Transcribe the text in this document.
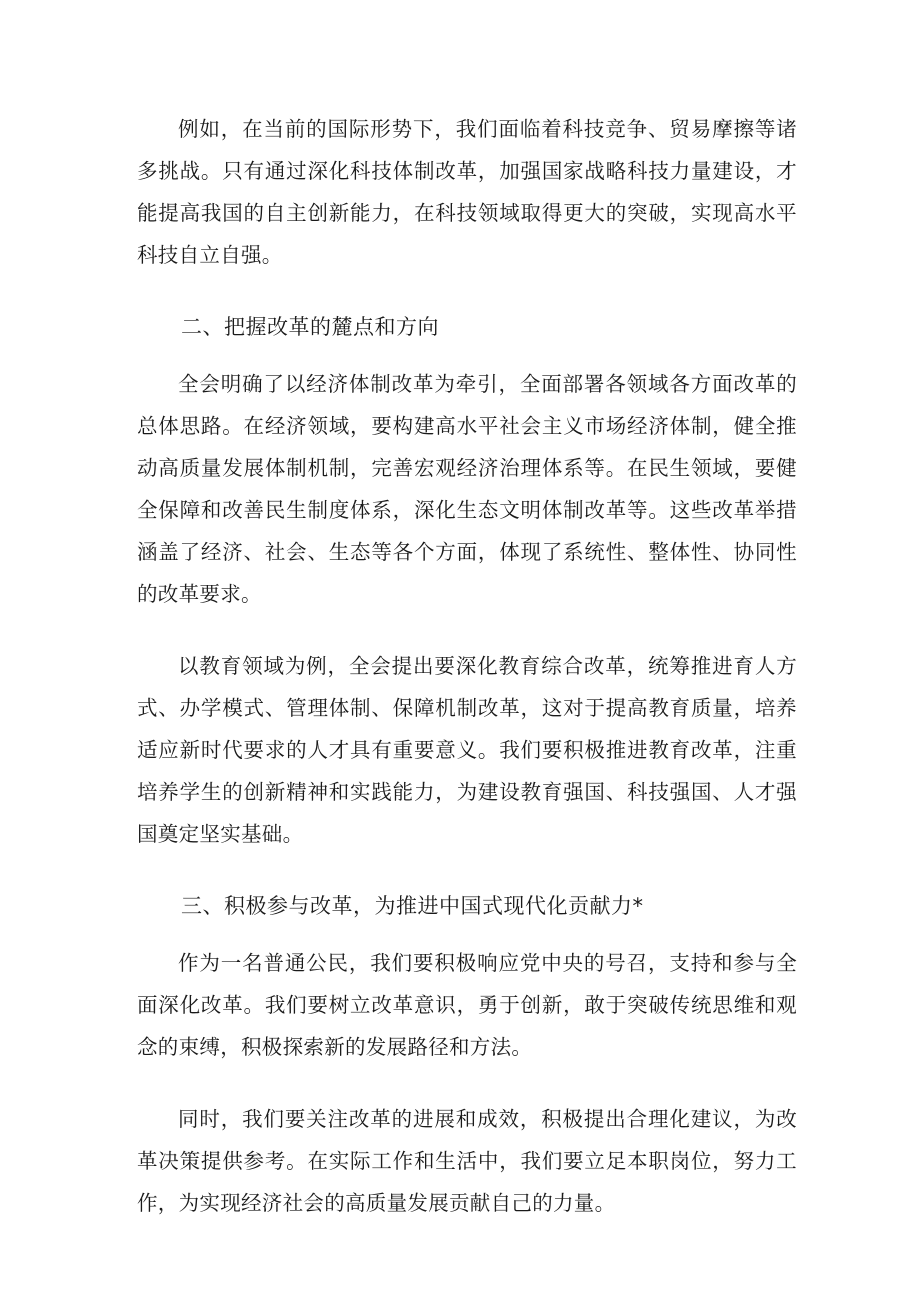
例如，在当前的国际形势下，我们面临着科技竞争、贸易摩擦等诸多挑战。只有通过深化科技体制改革，加强国家战略科技力量建设，才能提高我国的自主创新能力，在科技领域取得更大的突破，实现高水平科技自立自强。

二、把握改革的麓点和方向

全会明确了以经济体制改革为牵引，全面部署各领域各方面改革的总体思路。在经济领域，要构建高水平社会主义市场经济体制，健全推动高质量发展体制机制，完善宏观经济治理体系等。在民生领域，要健全保障和改善民生制度体系，深化生态文明体制改革等。这些改革举措涵盖了经济、社会、生态等各个方面，体现了系统性、整体性、协同性的改革要求。

以教育领域为例，全会提出要深化教育综合改革，统筹推进育人方式、办学模式、管理体制、保障机制改革，这对于提高教育质量，培养适应新时代要求的人才具有重要意义。我们要积极推进教育改革，注重培养学生的创新精神和实践能力，为建设教育强国、科技强国、人才强国奠定坚实基础。

三、积极参与改革，为推进中国式现代化贡献力*

作为一名普通公民，我们要积极响应党中央的号召，支持和参与全面深化改革。我们要树立改革意识，勇于创新，敢于突破传统思维和观念的束缚，积极探索新的发展路径和方法。

同时，我们要关注改革的进展和成效，积极提出合理化建议，为改革决策提供参考。在实际工作和生活中，我们要立足本职岗位，努力工作，为实现经济社会的高质量发展贡献自己的力量。
